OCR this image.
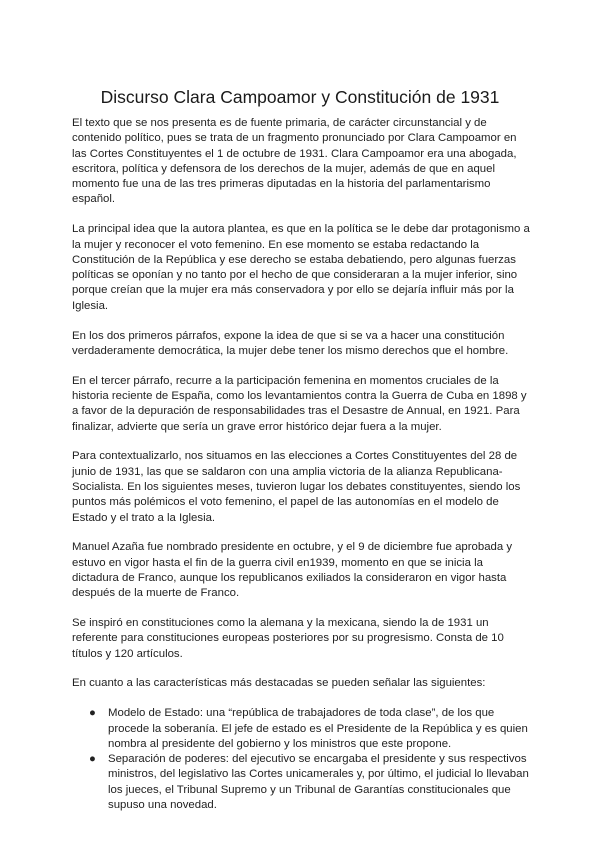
Discurso Clara Campoamor y Constitución de 1931

El texto que se nos presenta es de fuente primaria, de carácter circunstancial y de contenido político, pues se trata de un fragmento pronunciado por Clara Campoamor en las Cortes Constituyentes el 1 de octubre de 1931. Clara Campoamor era una abogada, escritora, política y defensora de los derechos de la mujer, además de que en aquel momento fue una de las tres primeras diputadas en la historia del parlamentarismo español.

La principal idea que la autora plantea, es que en la política se le debe dar protagonismo a la mujer y reconocer el voto femenino. En ese momento se estaba redactando la Constitución de la República y ese derecho se estaba debatiendo, pero algunas fuerzas políticas se oponían y no tanto por el hecho de que consideraran a la mujer inferior, sino porque creían que la mujer era más conservadora y por ello se dejaría influir más por la Iglesia.

En los dos primeros párrafos, expone la idea de que si se va a hacer una constitución verdaderamente democrática, la mujer debe tener los mismo derechos que el hombre.

En el tercer párrafo, recurre a la participación femenina en momentos cruciales de la historia reciente de España, como los levantamientos contra la Guerra de Cuba en 1898 y a favor de la depuración de responsabilidades tras el Desastre de Annual, en 1921. Para finalizar, advierte que sería un grave error histórico dejar fuera a la mujer.

Para contextualizarlo, nos situamos en las elecciones a Cortes Constituyentes del 28 de junio de 1931, las que se saldaron con una amplia victoria de la alianza Republicana-Socialista. En los siguientes meses, tuvieron lugar los debates constituyentes, siendo los puntos más polémicos el voto femenino, el papel de las autonomías en el modelo de Estado y el trato a la Iglesia.

Manuel Azaña fue nombrado presidente en octubre, y el 9 de diciembre fue aprobada y estuvo en vigor hasta el fin de la guerra civil en1939, momento en que se inicia la dictadura de Franco, aunque los republicanos exiliados la consideraron en vigor hasta después de la muerte de Franco.

Se inspiró en constituciones como la alemana y la mexicana, siendo la de 1931 un referente para constituciones europeas posteriores por su progresismo. Consta de 10 títulos y 120 artículos.

En cuanto a las características más destacadas se pueden señalar las siguientes:

● Modelo de Estado: una “república de trabajadores de toda clase”, de los que procede la soberanía. El jefe de estado es el Presidente de la República y es quien nombra al presidente del gobierno y los ministros que este propone.
● Separación de poderes: del ejecutivo se encargaba el presidente y sus respectivos ministros, del legislativo las Cortes unicamerales y, por último, el judicial lo llevaban los jueces, el Tribunal Supremo y un Tribunal de Garantías constitucionales que supuso una novedad.
